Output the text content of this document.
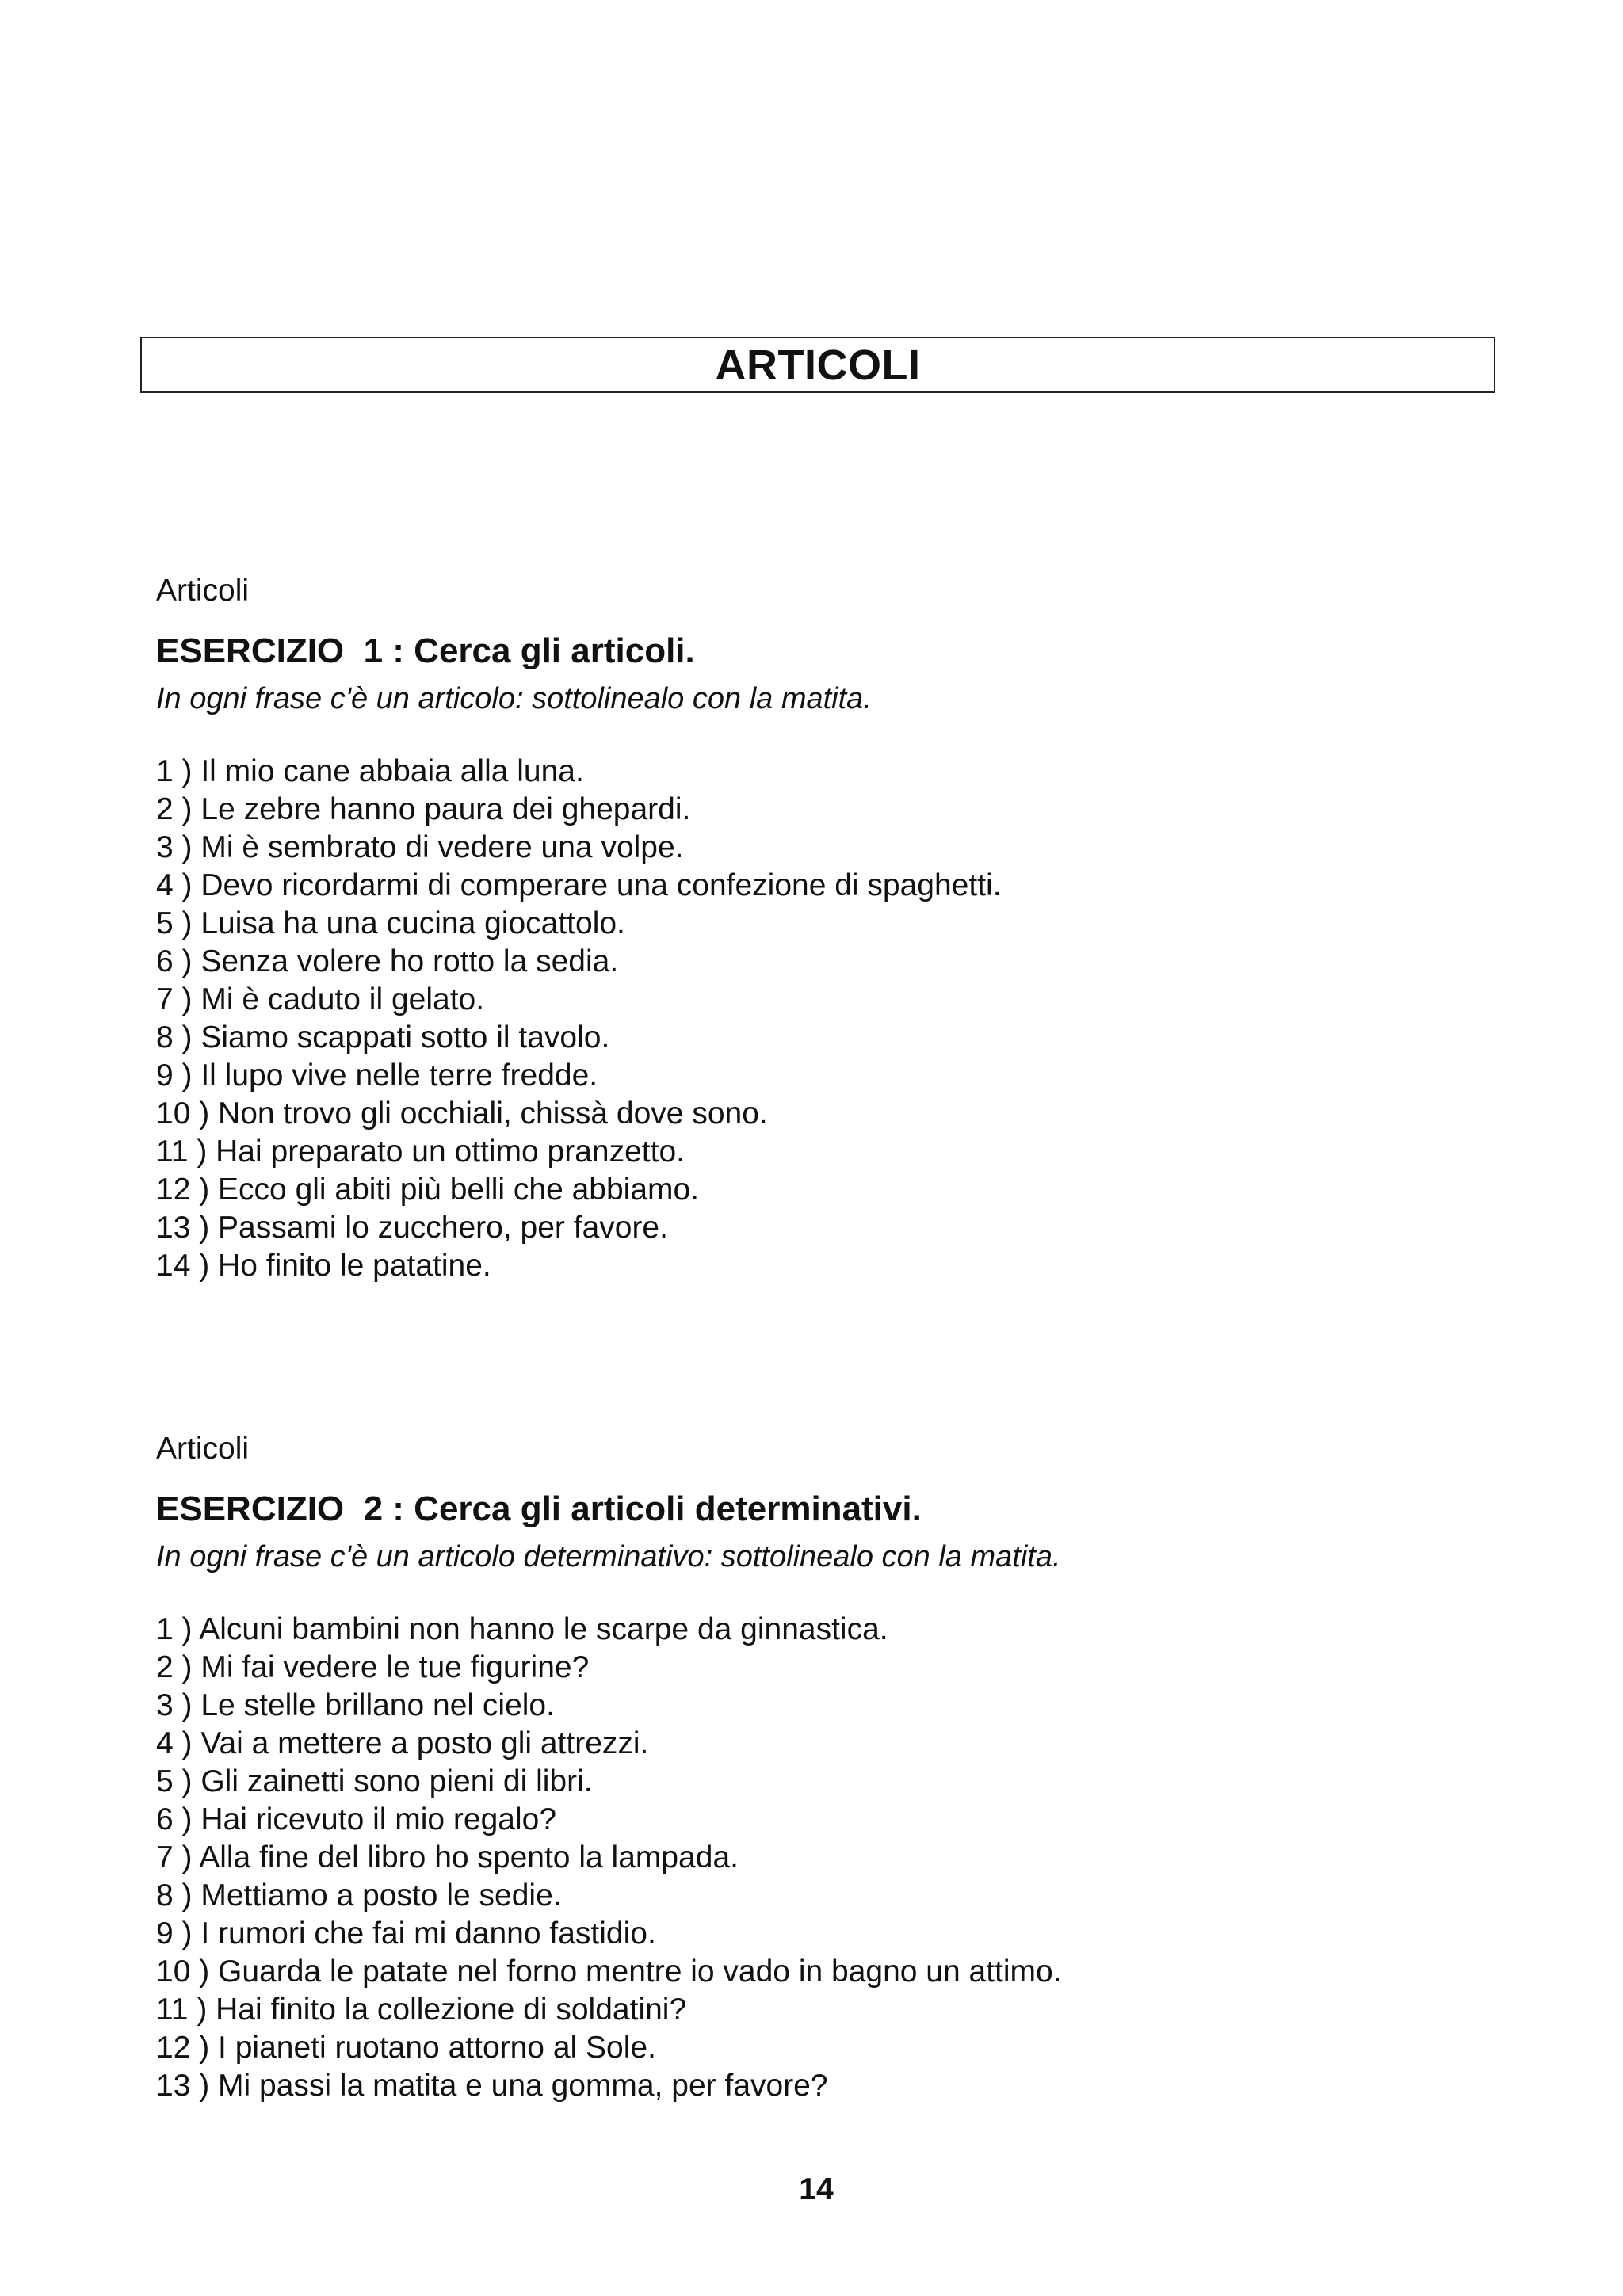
ARTICOLI

Articoli

ESERCIZIO  1 : Cerca gli articoli.

In ogni frase c'è un articolo: sottolinealo con la matita.

1 ) Il mio cane abbaia alla luna.
2 ) Le zebre hanno paura dei ghepardi.
3 ) Mi è sembrato di vedere una volpe.
4 ) Devo ricordarmi di comperare una confezione di spaghetti.
5 ) Luisa ha una cucina giocattolo.
6 ) Senza volere ho rotto la sedia.
7 ) Mi è caduto il gelato.
8 ) Siamo scappati sotto il tavolo.
9 ) Il lupo vive nelle terre fredde.
10 ) Non trovo gli occhiali, chissà dove sono.
11 ) Hai preparato un ottimo pranzetto.
12 ) Ecco gli abiti più belli che abbiamo.
13 ) Passami lo zucchero, per favore.
14 ) Ho finito le patatine.

Articoli

ESERCIZIO  2 : Cerca gli articoli determinativi.

In ogni frase c'è un articolo determinativo: sottolinealo con la matita.

1 ) Alcuni bambini non hanno le scarpe da ginnastica.
2 ) Mi fai vedere le tue figurine?
3 ) Le stelle brillano nel cielo.
4 ) Vai a mettere a posto gli attrezzi.
5 ) Gli zainetti sono pieni di libri.
6 ) Hai ricevuto il mio regalo?
7 ) Alla fine del libro ho spento la lampada.
8 ) Mettiamo a posto le sedie.
9 ) I rumori che fai mi danno fastidio.
10 ) Guarda le patate nel forno mentre io vado in bagno un attimo.
11 ) Hai finito la collezione di soldatini?
12 ) I pianeti ruotano attorno al Sole.
13 ) Mi passi la matita e una gomma, per favore?
14
